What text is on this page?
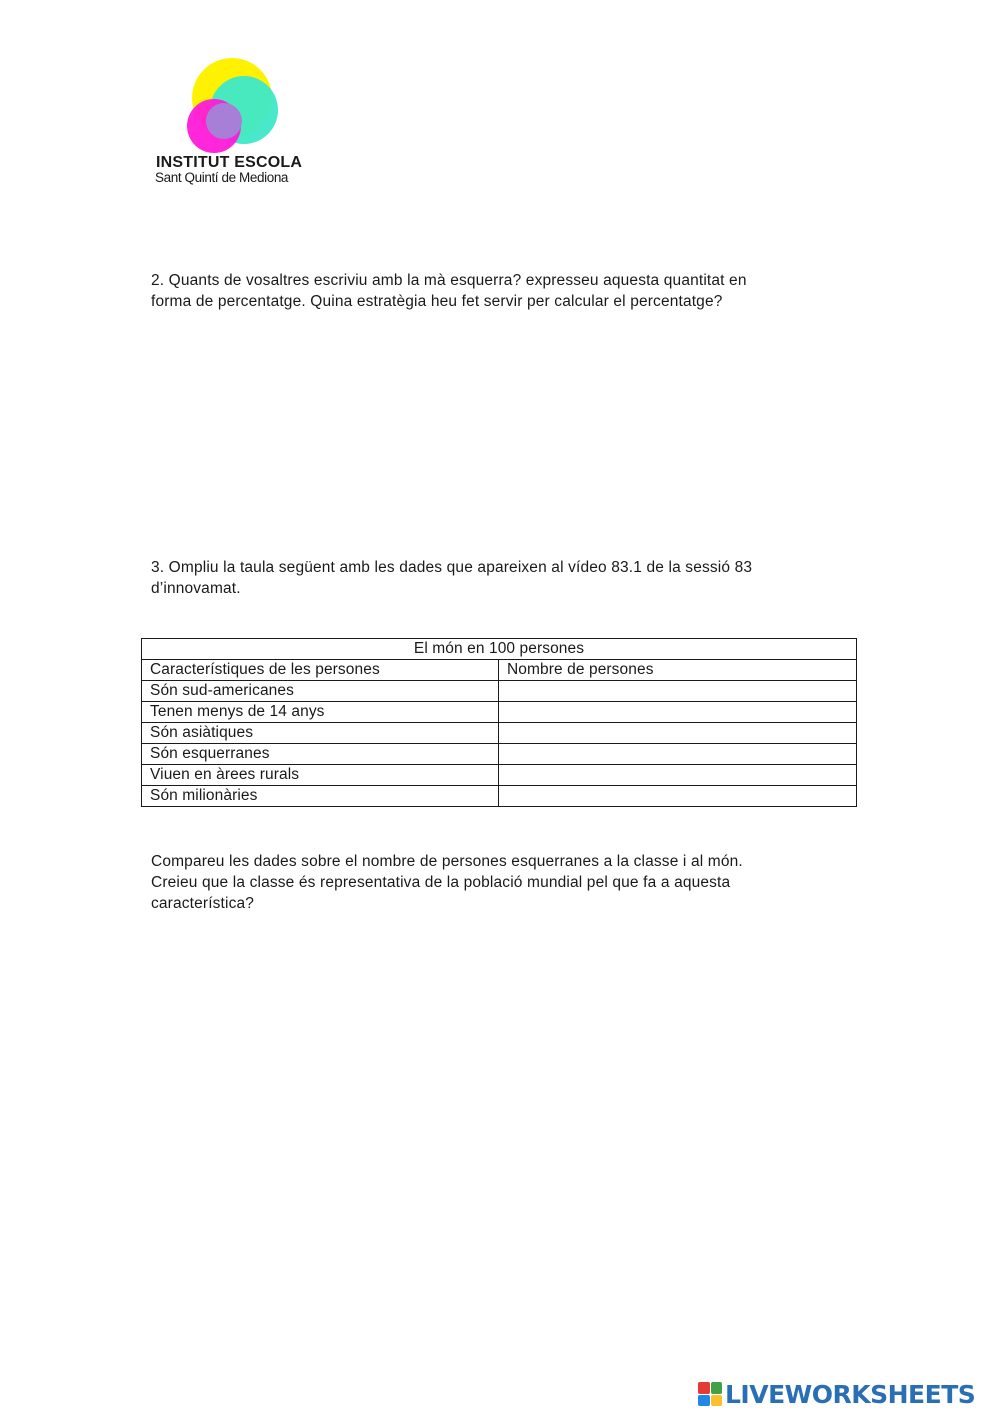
INSTITUT ESCOLA
Sant Quintí de Mediona

2. Quants de vosaltres escriviu amb la mà esquerra? expresseu aquesta quantitat en
forma de percentatge. Quina estratègia heu fet servir per calcular el percentatge?

3. Ompliu la taula següent amb les dades que apareixen al vídeo 83.1 de la sessió 83
d’innovamat.

El món en 100 persones	
Característiques de les persones	Nombre de persones
Són sud-americanes	
Tenen menys de 14 anys	
Són asiàtiques	
Són esquerranes	
Viuen en àrees rurals	
Són milionàries	

Compareu les dades sobre el nombre de persones esquerranes a la classe i al món.
Creieu que la classe és representativa de la població mundial pel que fa a aquesta
característica?

LIVEWORKSHEETS
